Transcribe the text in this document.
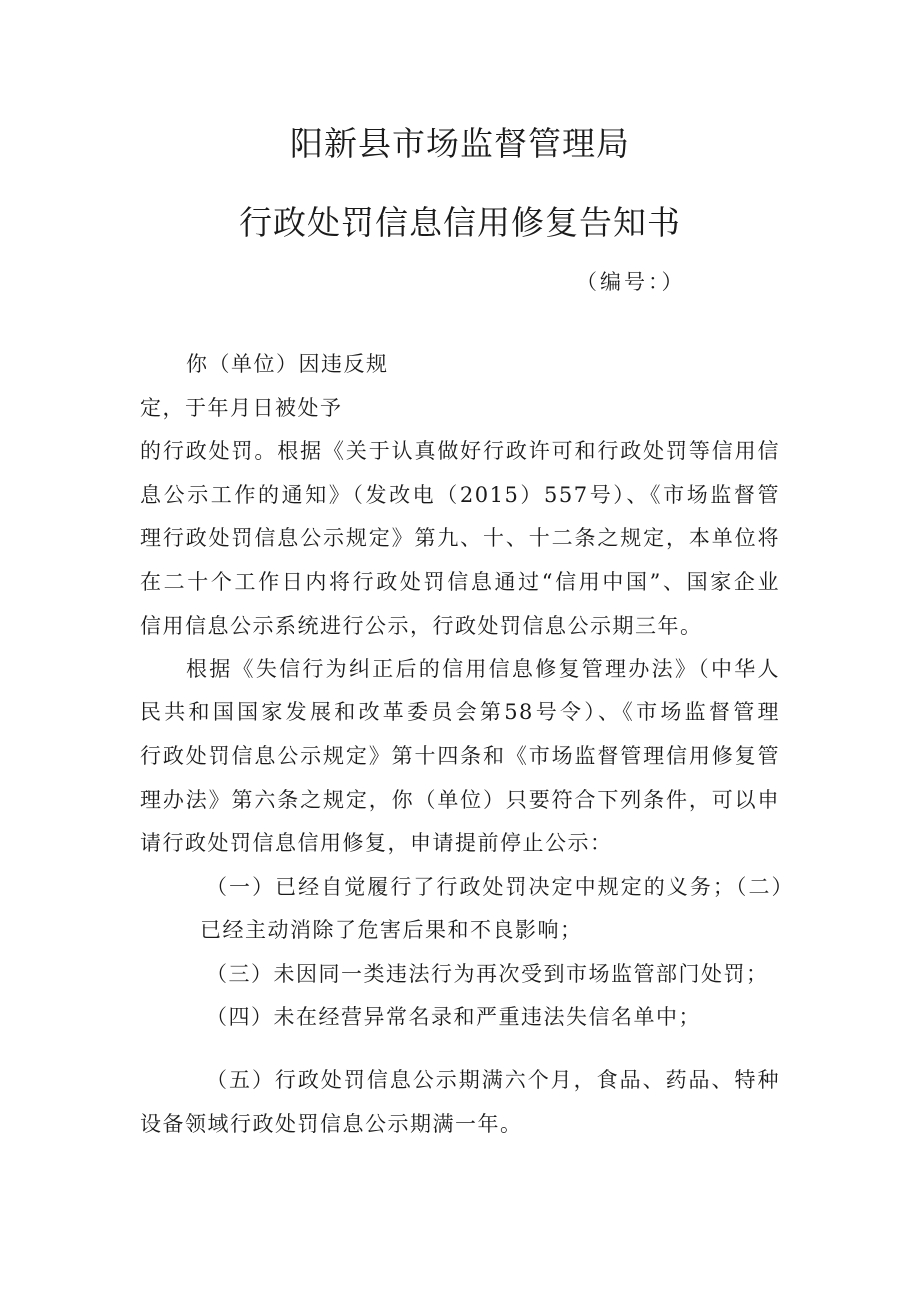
阳新县市场监督管理局
行政处罚信息信用修复告知书
（编号：）
你（单位）因违反规
定，于年月日被处予
的行政处罚。根据《关于认真做好行政许可和行政处罚等信用信
息公示工作的通知》（发改电（2015）557号）、《市场监督管
理行政处罚信息公示规定》第九、十、十二条之规定，本单位将
在二十个工作日内将行政处罚信息通过“信用中国”、国家企业
信用信息公示系统进行公示，行政处罚信息公示期三年。
根据《失信行为纠正后的信用信息修复管理办法》（中华人
民共和国国家发展和改革委员会第58号令）、《市场监督管理
行政处罚信息公示规定》第十四条和《市场监督管理信用修复管
理办法》第六条之规定，你（单位）只要符合下列条件，可以申
请行政处罚信息信用修复，申请提前停止公示：
（一）已经自觉履行了行政处罚决定中规定的义务；（二）
已经主动消除了危害后果和不良影响；
（三）未因同一类违法行为再次受到市场监管部门处罚；
（四）未在经营异常名录和严重违法失信名单中；
（五）行政处罚信息公示期满六个月，食品、药品、特种
设备领域行政处罚信息公示期满一年。
